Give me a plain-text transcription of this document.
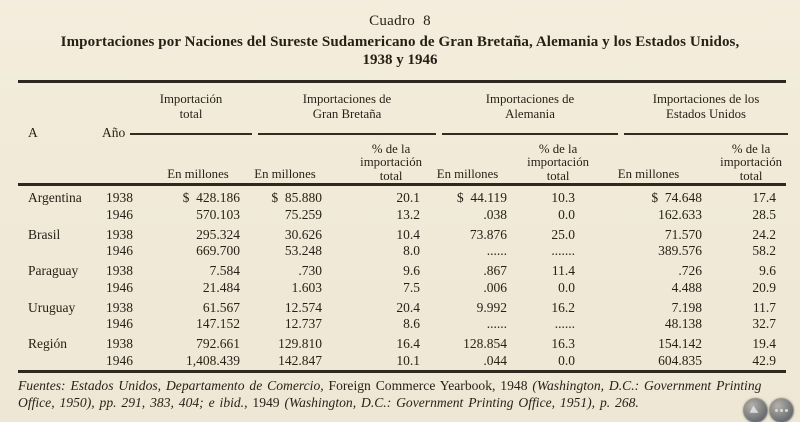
Cuadro  8
Importaciones por Naciones del Sureste Sudamericano de Gran Bretaña, Alemania y los Estados Unidos,
1938 y 1946
A	Año
Importación
total
Importaciones de
Gran Bretaña
Importaciones de
Alemania
Importaciones de los
Estados Unidos
En millones	En millones
% de la
importación
total	En millones
% de la
importación
total	En millones
% de la
importación
total
Argentina	1938	$  428.186	$  85.880	20.1	$  44.119	10.3	$  74.648	17.4
1946	570.103	75.259	13.2	.038	0.0	162.633	28.5
Brasil	1938	295.324	30.626	10.4	73.876	25.0	71.570	24.2
1946	669.700	53.248	8.0	......	.......	389.576	58.2
Paraguay	1938	7.584	.730	9.6	.867	11.4	.726	9.6
1946	21.484	1.603	7.5	.006	0.0	4.488	20.9
Uruguay	1938	61.567	12.574	20.4	9.992	16.2	7.198	11.7
1946	147.152	12.737	8.6	......	......	48.138	32.7
Región	1938	792.661	129.810	16.4	128.854	16.3	154.142	19.4
1946	1,408.439	142.847	10.1	.044	0.0	604.835	42.9
Fuentes: Estados Unidos, Departamento de Comercio, Foreign Commerce Yearbook, 1948 (Washington, D.C.: Government Printing
Office, 1950), pp. 291, 383, 404; e ibid., 1949 (Washington, D.C.: Government Printing Office, 1951), p. 268.
